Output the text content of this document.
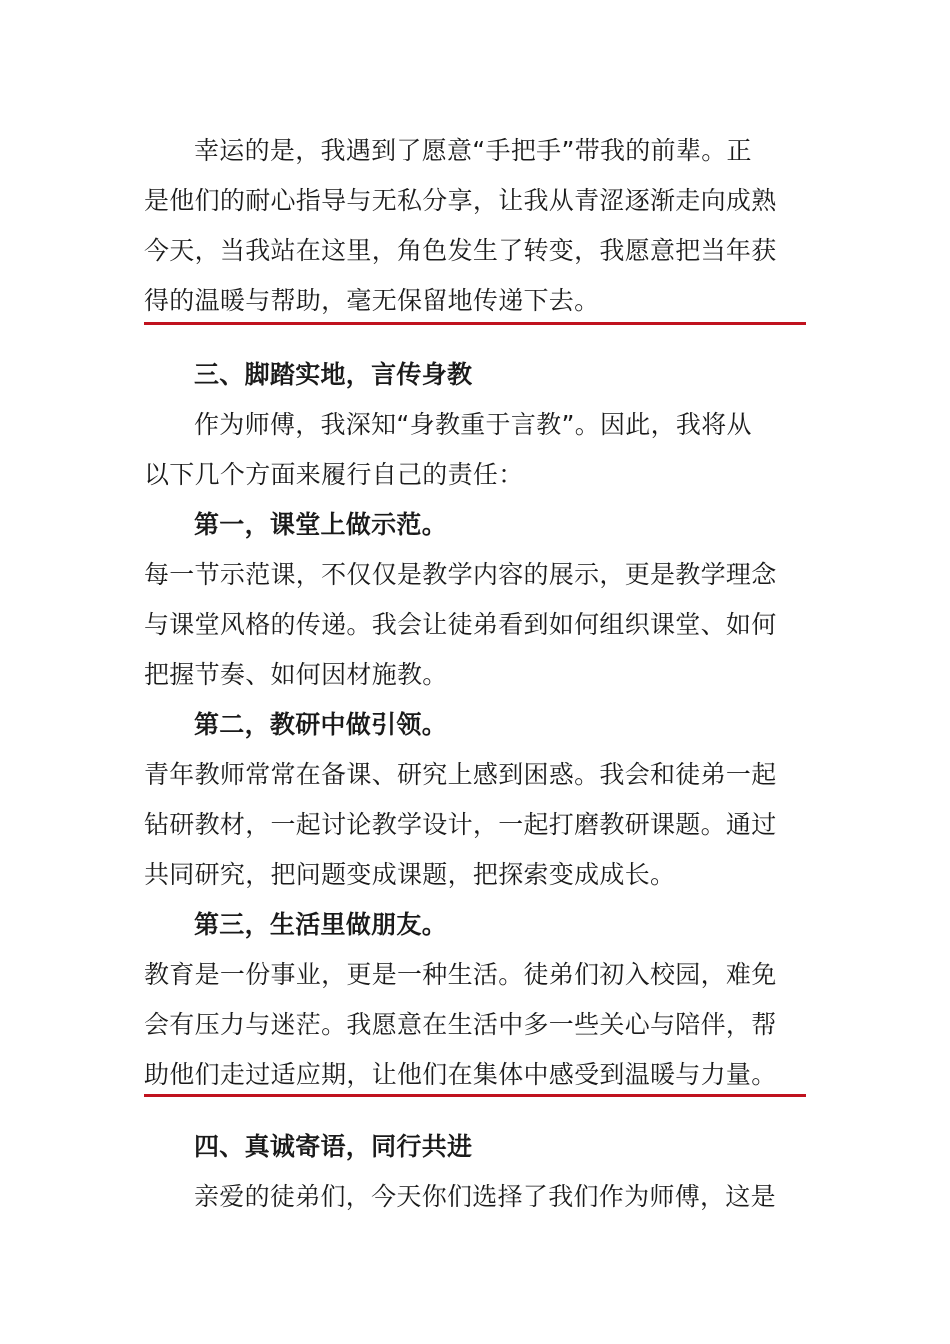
幸运的是，我遇到了愿意“手把手”带我的前辈。正
是他们的耐心指导与无私分享，让我从青涩逐渐走向成熟
今天，当我站在这里，角色发生了转变，我愿意把当年获
得的温暖与帮助，毫无保留地传递下去。
三、脚踏实地，言传身教
作为师傅，我深知“身教重于言教”。因此，我将从
以下几个方面来履行自己的责任：
第一，课堂上做示范。
每一节示范课，不仅仅是教学内容的展示，更是教学理念
与课堂风格的传递。我会让徒弟看到如何组织课堂、如何
把握节奏、如何因材施教。
第二，教研中做引领。
青年教师常常在备课、研究上感到困惑。我会和徒弟一起
钻研教材，一起讨论教学设计，一起打磨教研课题。通过
共同研究，把问题变成课题，把探索变成成长。
第三，生活里做朋友。
教育是一份事业，更是一种生活。徒弟们初入校园，难免
会有压力与迷茫。我愿意在生活中多一些关心与陪伴，帮
助他们走过适应期，让他们在集体中感受到温暖与力量。
四、真诚寄语，同行共进
亲爱的徒弟们，今天你们选择了我们作为师傅，这是
